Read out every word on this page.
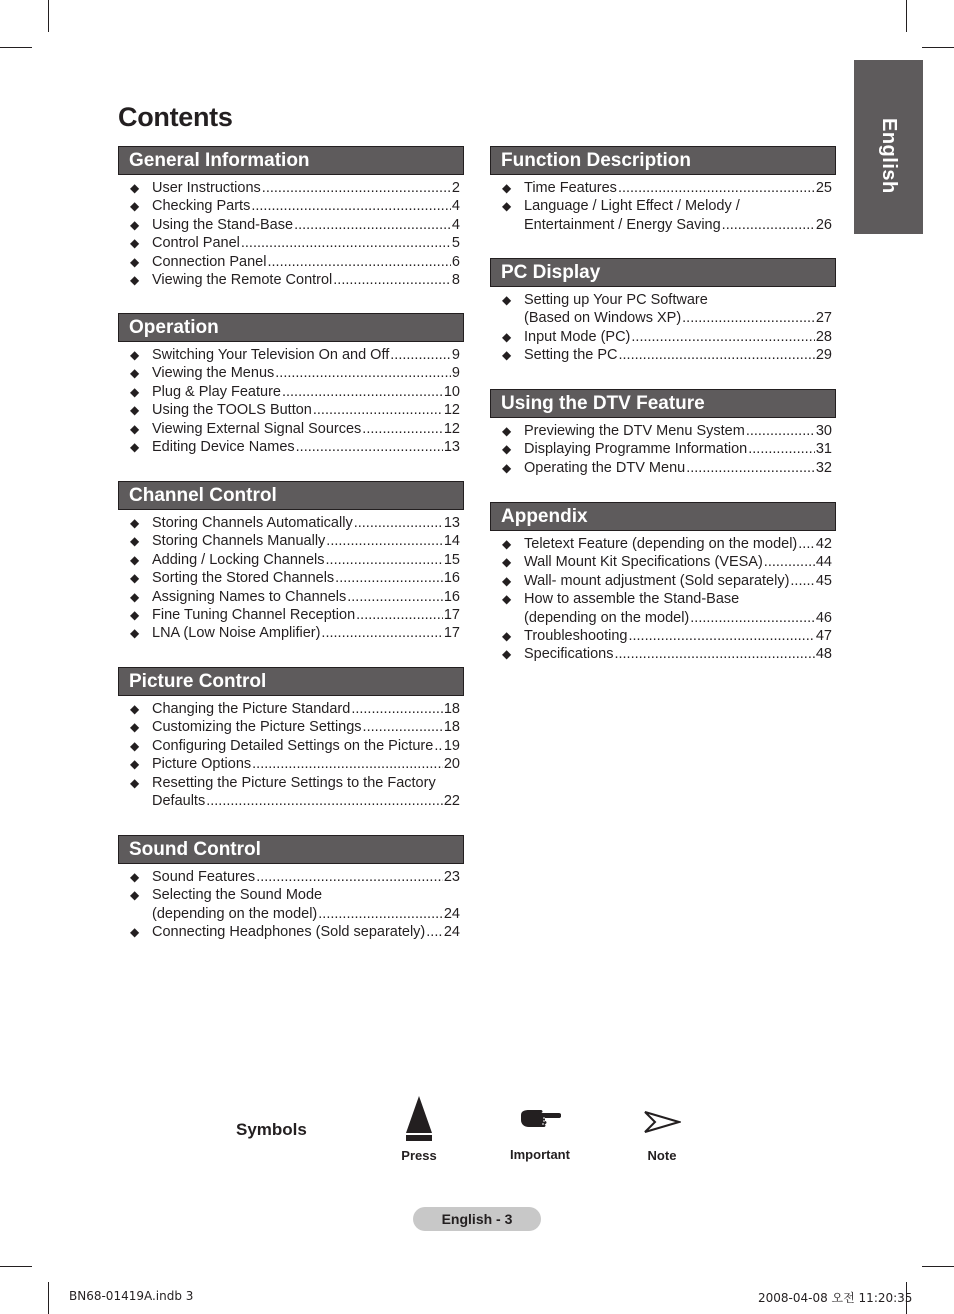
English
Contents
General Information
◆ User Instructions .....	2
◆ Checking Parts .....	4
◆ Using the Stand-Base .....	4
◆ Control Panel .....	5
◆ Connection Panel .....	6
◆ Viewing the Remote Control .....	8
Operation
◆ Switching Your Television On and Off .....	9
◆ Viewing the Menus .....	9
◆ Plug & Play Feature .....	10
◆ Using the TOOLS Button .....	12
◆ Viewing External Signal Sources .....	12
◆ Editing Device Names .....	13
Channel Control
◆ Storing Channels Automatically .....	13
◆ Storing Channels Manually .....	14
◆ Adding / Locking Channels .....	15
◆ Sorting the Stored Channels .....	16
◆ Assigning Names to Channels .....	16
◆ Fine Tuning Channel Reception .....	17
◆ LNA (Low Noise Amplifier) .....	17
Picture Control
◆ Changing the Picture Standard .....	18
◆ Customizing the Picture Settings .....	18
◆ Configuring Detailed Settings on the Picture ..... 19
◆ Picture Options .....	20
◆ Resetting the Picture Settings to the Factory
Defaults .....	22
Sound Control
◆ Sound Features .....	23
◆ Selecting the Sound Mode
(depending on the model) .....	24
◆ Connecting Headphones (Sold separately) ..... 24
Function Description
◆ Time Features .....	25
◆ Language / Light Effect / Melody /
Entertainment / Energy Saving .....	26
PC Display
◆ Setting up Your PC Software
(Based on Windows XP) .....	27
◆ Input Mode (PC) .....	28
◆ Setting the PC .....	29
Using the DTV Feature
◆ Previewing the DTV Menu System .....	30
◆ Displaying Programme Information .....	31
◆ Operating the DTV Menu .....	32
Appendix
◆ Teletext Feature (depending on the model) ..... 42
◆ Wall Mount Kit Specifications (VESA) .....	44
◆ Wall- mount adjustment (Sold separately) ..... 45
◆ How to assemble the Stand-Base
(depending on the model) .....	46
◆ Troubleshooting .....	47
◆ Specifications .....	48
Symbols
Press	Important	Note
English - 3
BN68-01419A.indb 3	2008-04-08 오전 11:20:35
